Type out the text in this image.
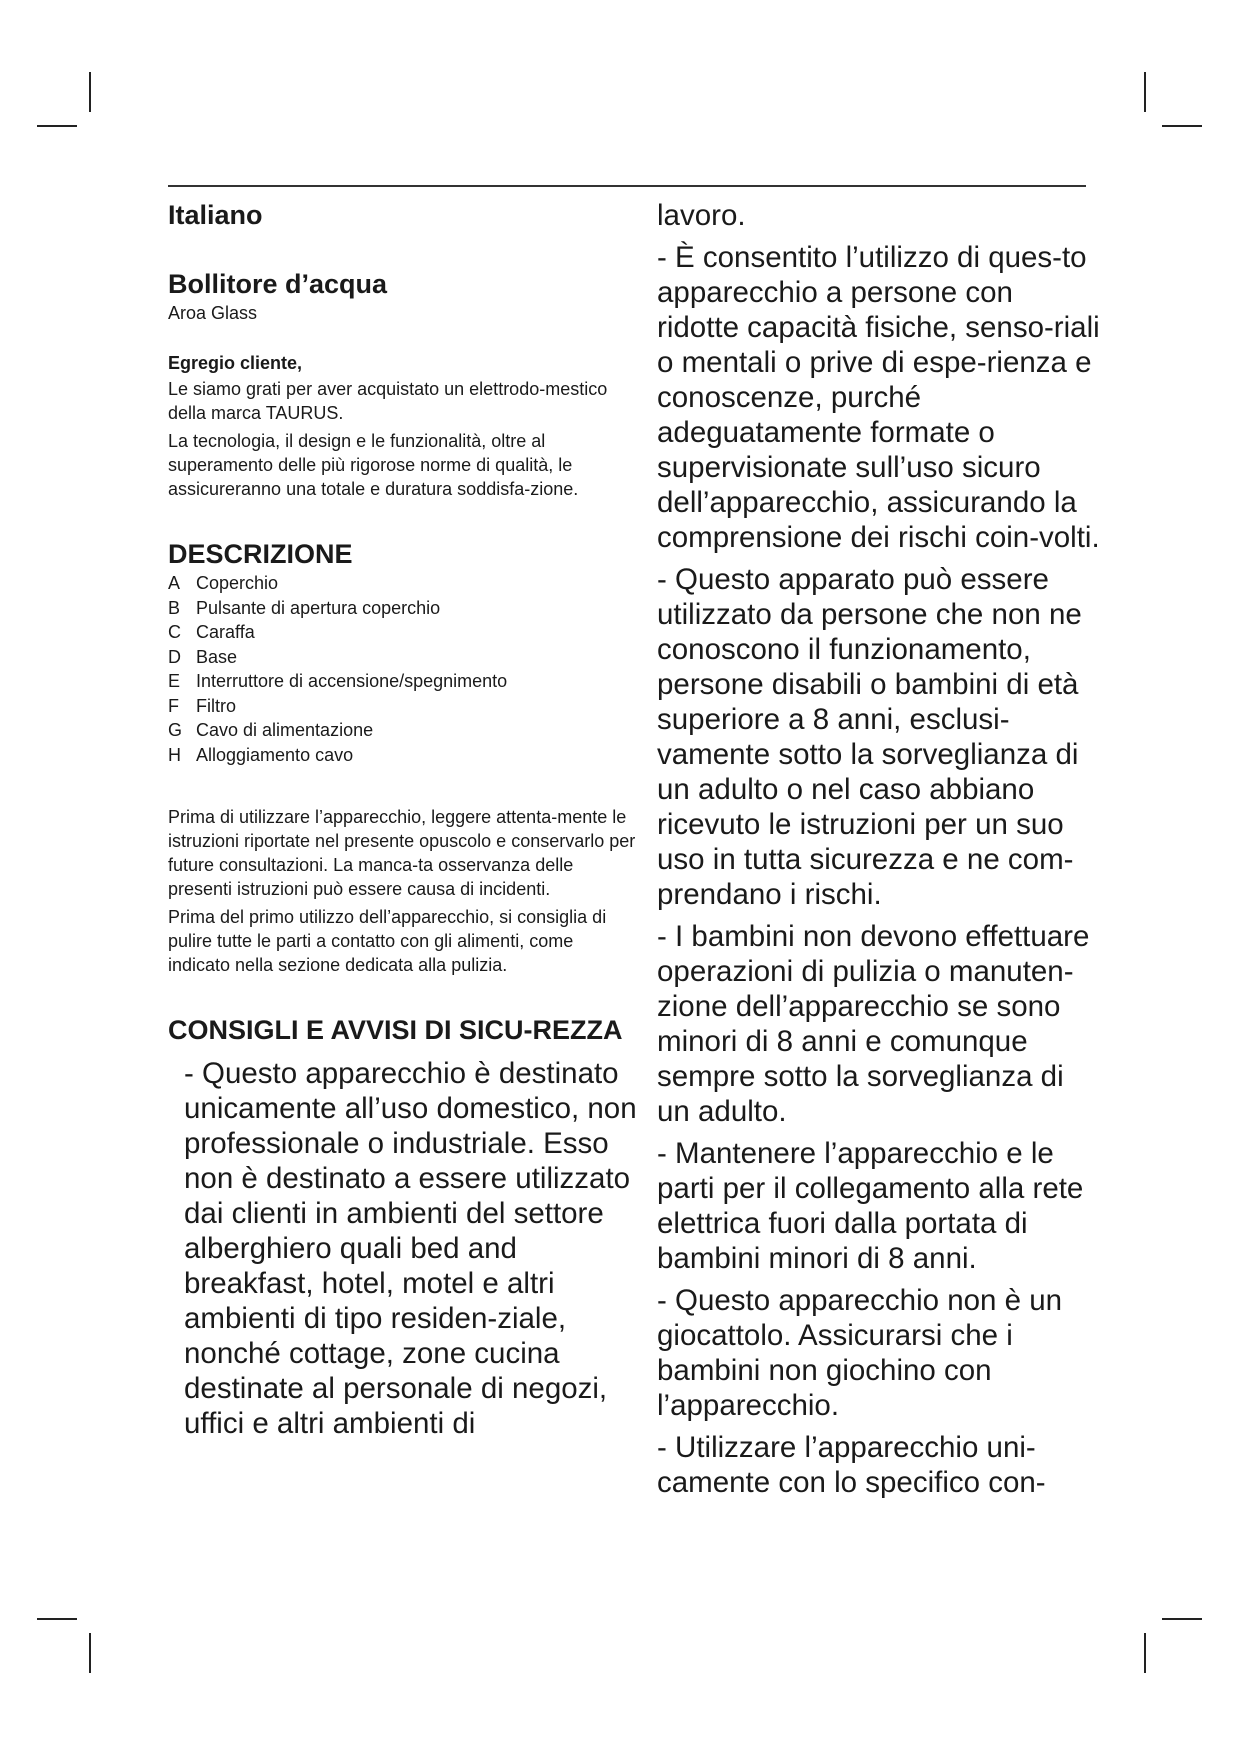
Italiano

Bollitore d’acqua

Aroa Glass

Egregio cliente,

Le siamo grati per aver acquistato un elettrodo-mestico della marca TAURUS.

La tecnologia, il design e le funzionalità, oltre al superamento delle più rigorose norme di qualità, le assicureranno una totale e duratura soddisfa-zione.

DESCRIZIONE

A Coperchio
B Pulsante di apertura coperchio
C Caraffa
D Base
E Interruttore di accensione/spegnimento
F Filtro
G Cavo di alimentazione
H Alloggiamento cavo

Prima di utilizzare l’apparecchio, leggere attenta-mente le istruzioni riportate nel presente opuscolo e conservarlo per future consultazioni. La manca-ta osservanza delle presenti istruzioni può essere causa di incidenti.

Prima del primo utilizzo dell’apparecchio, si consiglia di pulire tutte le parti a contatto con gli alimenti, come indicato nella sezione dedicata alla pulizia.

CONSIGLI E AVVISI DI SICU-REZZA

- Questo apparecchio è destinato unicamente all’uso domestico, non professionale o industriale. Esso non è destinato a essere utilizzato dai clienti in ambienti del settore alberghiero quali bed and breakfast, hotel, motel e altri ambienti di tipo residen-ziale, nonché cottage, zone cucina destinate al personale di negozi, uffici e altri ambienti di

lavoro.

- È consentito l’utilizzo di ques-to apparecchio a persone con ridotte capacità fisiche, senso-riali o mentali o prive di espe-rienza e conoscenze, purché adeguatamente formate o supervisionate sull’uso sicuro dell’apparecchio, assicurando la comprensione dei rischi coin-volti.

- Questo apparato può essere utilizzato da persone che non ne conoscono il funzionamento, persone disabili o bambini di età superiore a 8 anni, esclusi-vamente sotto la sorveglianza di un adulto o nel caso abbiano ricevuto le istruzioni per un suo uso in tutta sicurezza e ne com-prendano i rischi.

- I bambini non devono effettuare operazioni di pulizia o manuten-zione dell’apparecchio se sono minori di 8 anni e comunque sempre sotto la sorveglianza di un adulto.

- Mantenere l’apparecchio e le parti per il collegamento alla rete elettrica fuori dalla portata di bambini minori di 8 anni.

- Questo apparecchio non è un giocattolo. Assicurarsi che i bambini non giochino con l’apparecchio.

- Utilizzare l’apparecchio uni-camente con lo specifico con-
